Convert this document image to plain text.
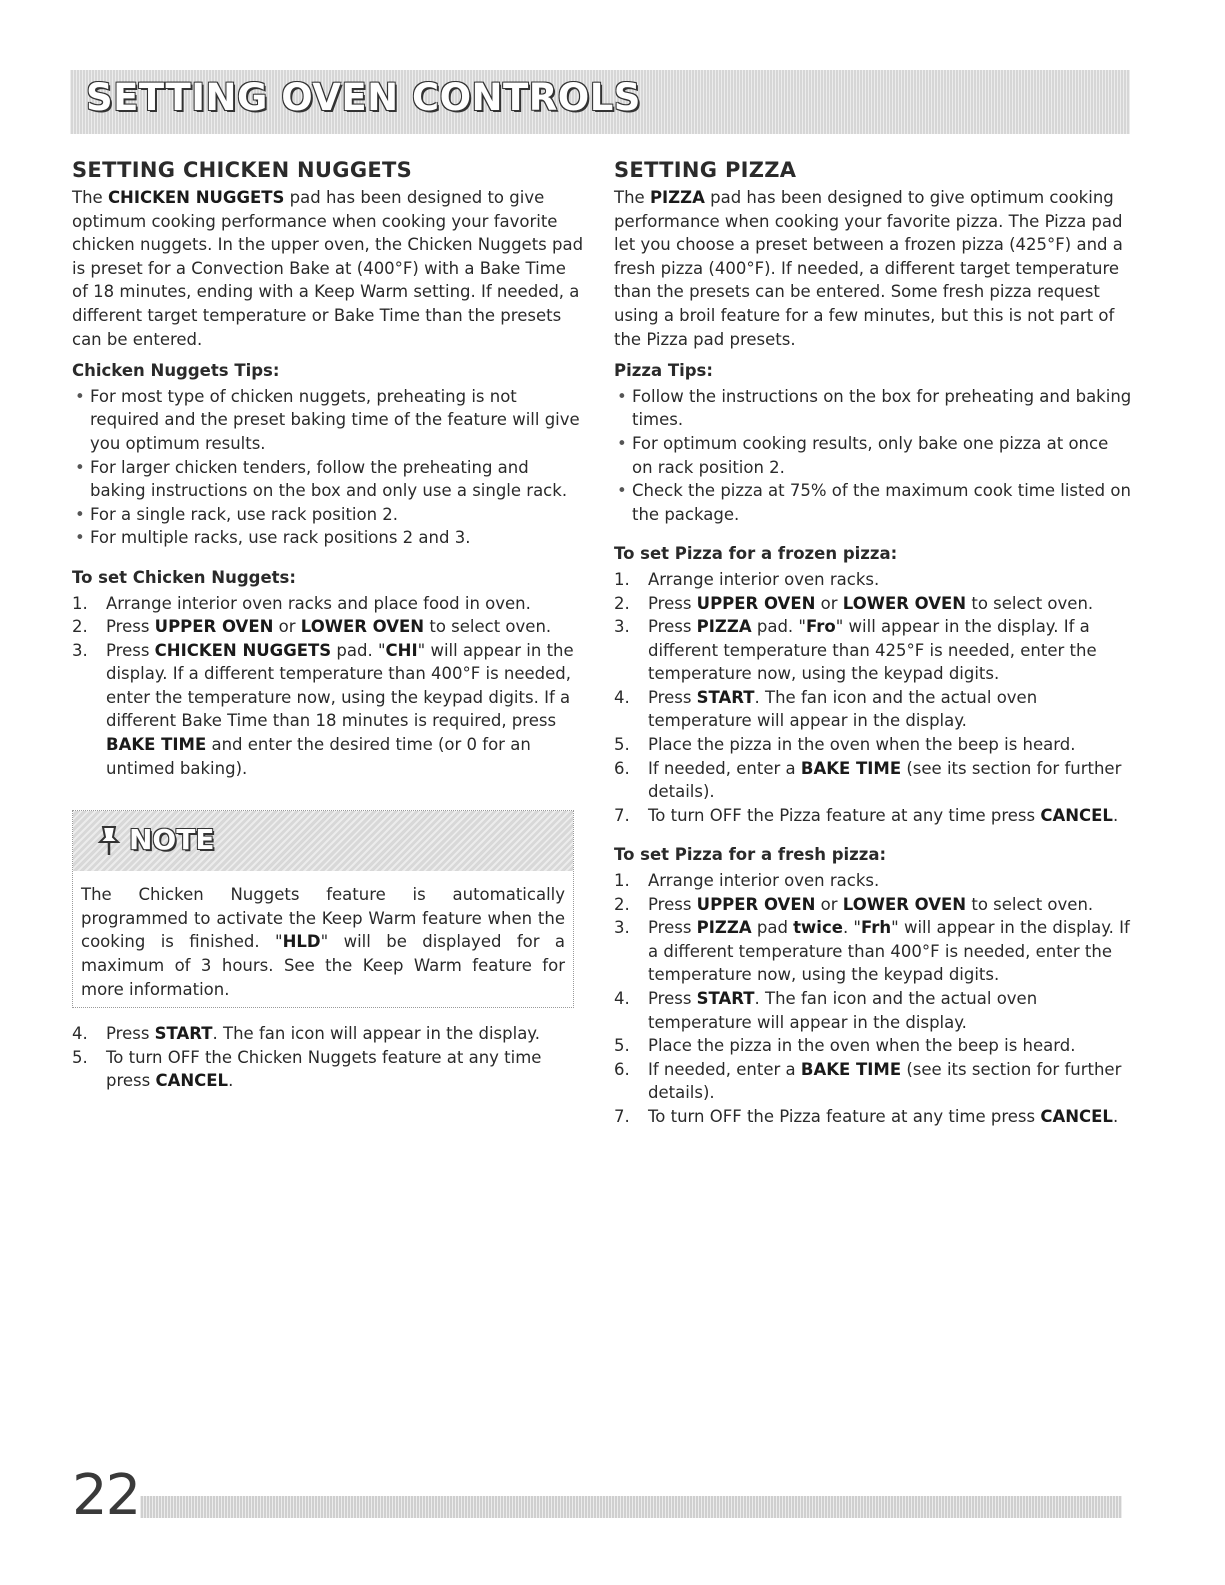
SETTING OVEN CONTROLS
SETTING CHICKEN NUGGETS

The CHICKEN NUGGETS pad has been designed to give optimum cooking performance when cooking your favorite chicken nuggets. In the upper oven, the Chicken Nuggets pad is preset for a Convection Bake at (400°F) with a Bake Time of 18 minutes, ending with a Keep Warm setting. If needed, a different target temperature or Bake Time than the presets can be entered.

Chicken Nuggets Tips:
• For most type of chicken nuggets, preheating is not required and the preset baking time of the feature will give you optimum results.
• For larger chicken tenders, follow the preheating and baking instructions on the box and only use a single rack.
• For a single rack, use rack position 2.
• For multiple racks, use rack positions 2 and 3.
To set Chicken Nuggets:
1. Arrange interior oven racks and place food in oven.
2. Press UPPER OVEN or LOWER OVEN to select oven.
3. Press CHICKEN NUGGETS pad. "CHI" will appear in the display. If a different temperature than 400°F is needed, enter the temperature now, using the keypad digits. If a different Bake Time than 18 minutes is required, press BAKE TIME and enter the desired time (or 0 for an untimed baking).
NOTE
The Chicken Nuggets feature is automatically programmed to activate the Keep Warm feature when the cooking is finished. "HLD" will be displayed for a maximum of 3 hours. See the Keep Warm feature for more information.
4. Press START. The fan icon will appear in the display.
5. To turn OFF the Chicken Nuggets feature at any time press CANCEL.
SETTING PIZZA

The PIZZA pad has been designed to give optimum cooking performance when cooking your favorite pizza. The Pizza pad let you choose a preset between a frozen pizza (425°F) and a fresh pizza (400°F). If needed, a different target temperature than the presets can be entered. Some fresh pizza request using a broil feature for a few minutes, but this is not part of the Pizza pad presets.

Pizza Tips:
• Follow the instructions on the box for preheating and baking times.
• For optimum cooking results, only bake one pizza at once on rack position 2.
• Check the pizza at 75% of the maximum cook time listed on the package.
To set Pizza for a frozen pizza:
1. Arrange interior oven racks.
2. Press UPPER OVEN or LOWER OVEN to select oven.
3. Press PIZZA pad. "Fro" will appear in the display. If a different temperature than 425°F is needed, enter the temperature now, using the keypad digits.
4. Press START. The fan icon and the actual oven temperature will appear in the display.
5. Place the pizza in the oven when the beep is heard.
6. If needed, enter a BAKE TIME (see its section for further details).
7. To turn OFF the Pizza feature at any time press CANCEL.
To set Pizza for a fresh pizza:
1. Arrange interior oven racks.
2. Press UPPER OVEN or LOWER OVEN to select oven.
3. Press PIZZA pad twice. "Frh" will appear in the display. If a different temperature than 400°F is needed, enter the temperature now, using the keypad digits.
4. Press START. The fan icon and the actual oven temperature will appear in the display.
5. Place the pizza in the oven when the beep is heard.
6. If needed, enter a BAKE TIME (see its section for further details).
7. To turn OFF the Pizza feature at any time press CANCEL.
22
